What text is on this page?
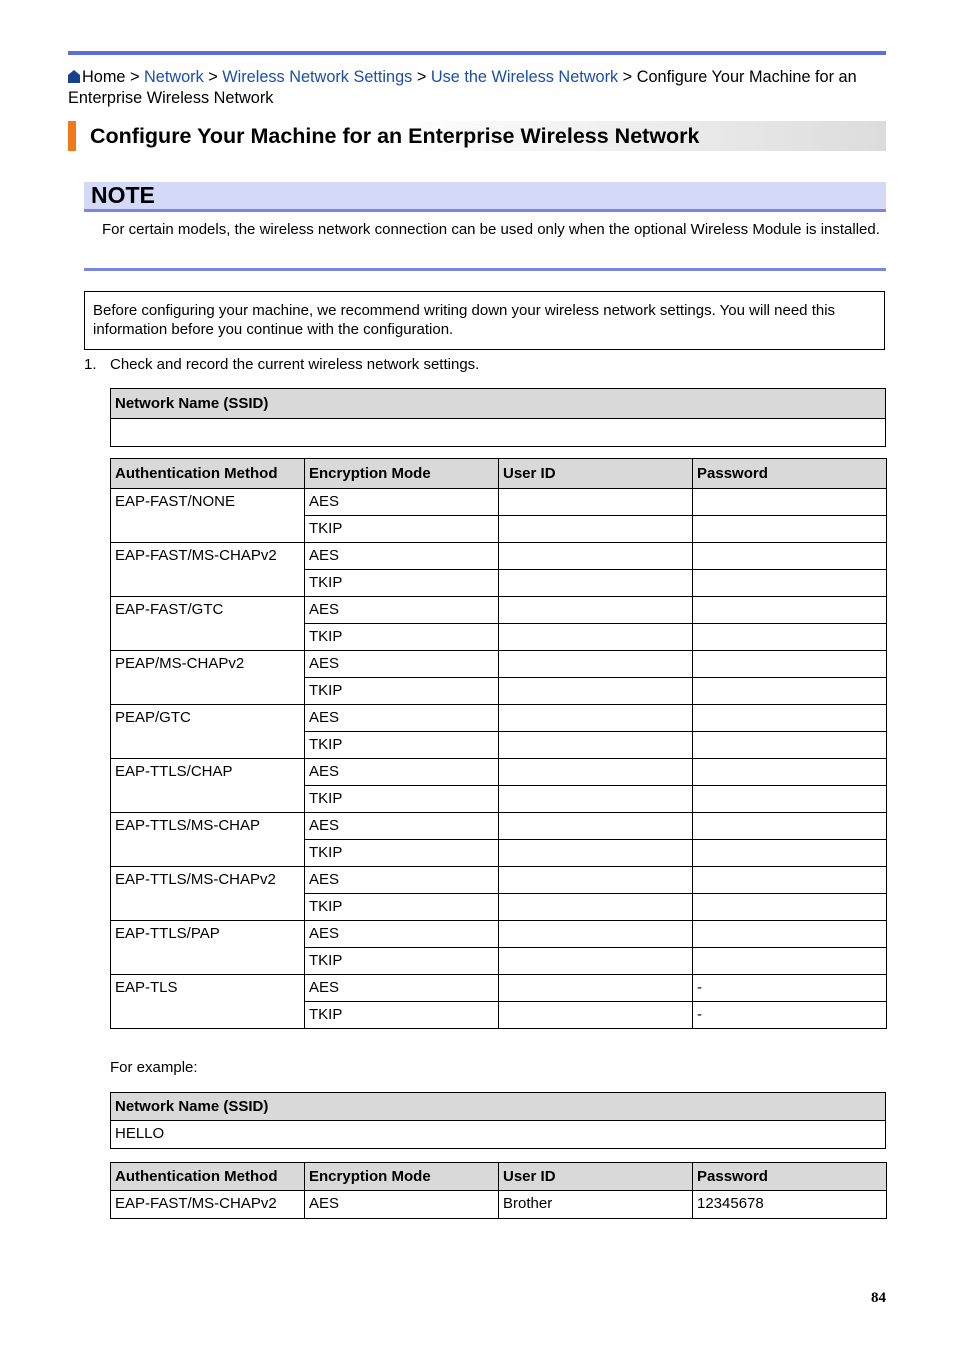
Home > Network > Wireless Network Settings > Use the Wireless Network > Configure Your Machine for an Enterprise Wireless Network
Configure Your Machine for an Enterprise Wireless Network
NOTE
For certain models, the wireless network connection can be used only when the optional Wireless Module is installed.
Before configuring your machine, we recommend writing down your wireless network settings. You will need this information before you continue with the configuration.
1. Check and record the current wireless network settings.
Network Name (SSID)

Authentication Method	Encryption Mode	User ID	Password
EAP-FAST/NONE	AES		
	TKIP		
EAP-FAST/MS-CHAPv2	AES		
	TKIP		
EAP-FAST/GTC	AES		
	TKIP		
PEAP/MS-CHAPv2	AES		
	TKIP		
PEAP/GTC	AES		
	TKIP		
EAP-TTLS/CHAP	AES		
	TKIP		
EAP-TTLS/MS-CHAP	AES		
	TKIP		
EAP-TTLS/MS-CHAPv2	AES		
	TKIP		
EAP-TTLS/PAP	AES		
	TKIP		
EAP-TLS	AES		-
	TKIP		-
For example:
Network Name (SSID)
HELLO
Authentication Method	Encryption Mode	User ID	Password
EAP-FAST/MS-CHAPv2	AES	Brother	12345678
84
